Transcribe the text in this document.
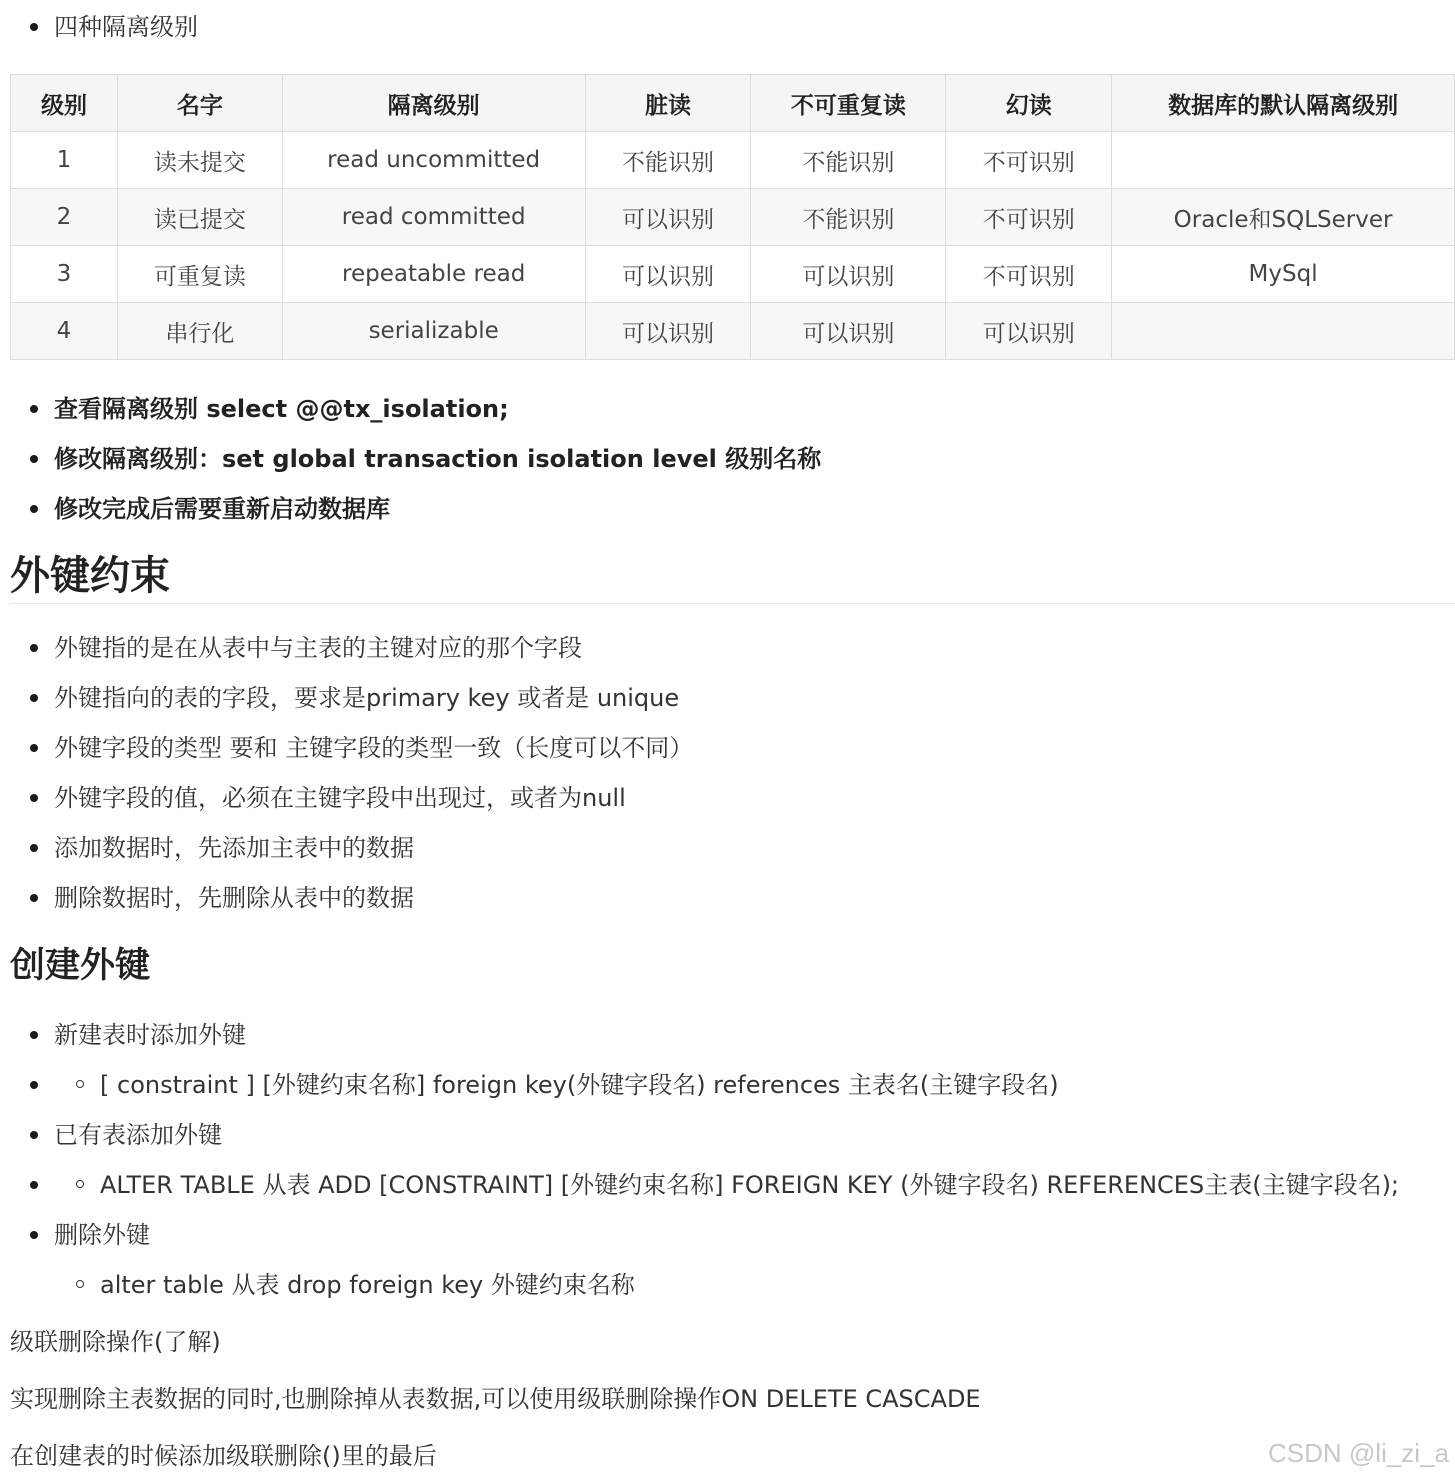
四种隔离级别
级别	名字	隔离级别	脏读	不可重复读	幻读	数据库的默认隔离级别
1	读未提交	read uncommitted	不能识别	不能识别	不可识别	
2	读已提交	read committed	可以识别	不能识别	不可识别	Oracle和SQLServer
3	可重复读	repeatable read	可以识别	可以识别	不可识别	MySql
4	串行化	serializable	可以识别	可以识别	可以识别	
查看隔离级别 select @@tx_isolation;
修改隔离级别：set global transaction isolation level 级别名称
修改完成后需要重新启动数据库
外键约束
外键指的是在从表中与主表的主键对应的那个字段
外键指向的表的字段，要求是primary key 或者是 unique
外键字段的类型 要和 主键字段的类型一致（长度可以不同）
外键字段的值，必须在主键字段中出现过，或者为null
添加数据时，先添加主表中的数据
删除数据时，先删除从表中的数据
创建外键
新建表时添加外键
[ constraint ] [外键约束名称] foreign key(外键字段名) references 主表名(主键字段名)
已有表添加外键
ALTER TABLE 从表 ADD [CONSTRAINT] [外键约束名称] FOREIGN KEY (外键字段名) REFERENCES主表(主键字段名);
删除外键
alter table 从表 drop foreign key 外键约束名称

级联删除操作(了解)

实现删除主表数据的同时,也删除掉从表数据,可以使用级联删除操作ON DELETE CASCADE

在创建表的时候添加级联删除()里的最后	CSDN @li_zi_a
